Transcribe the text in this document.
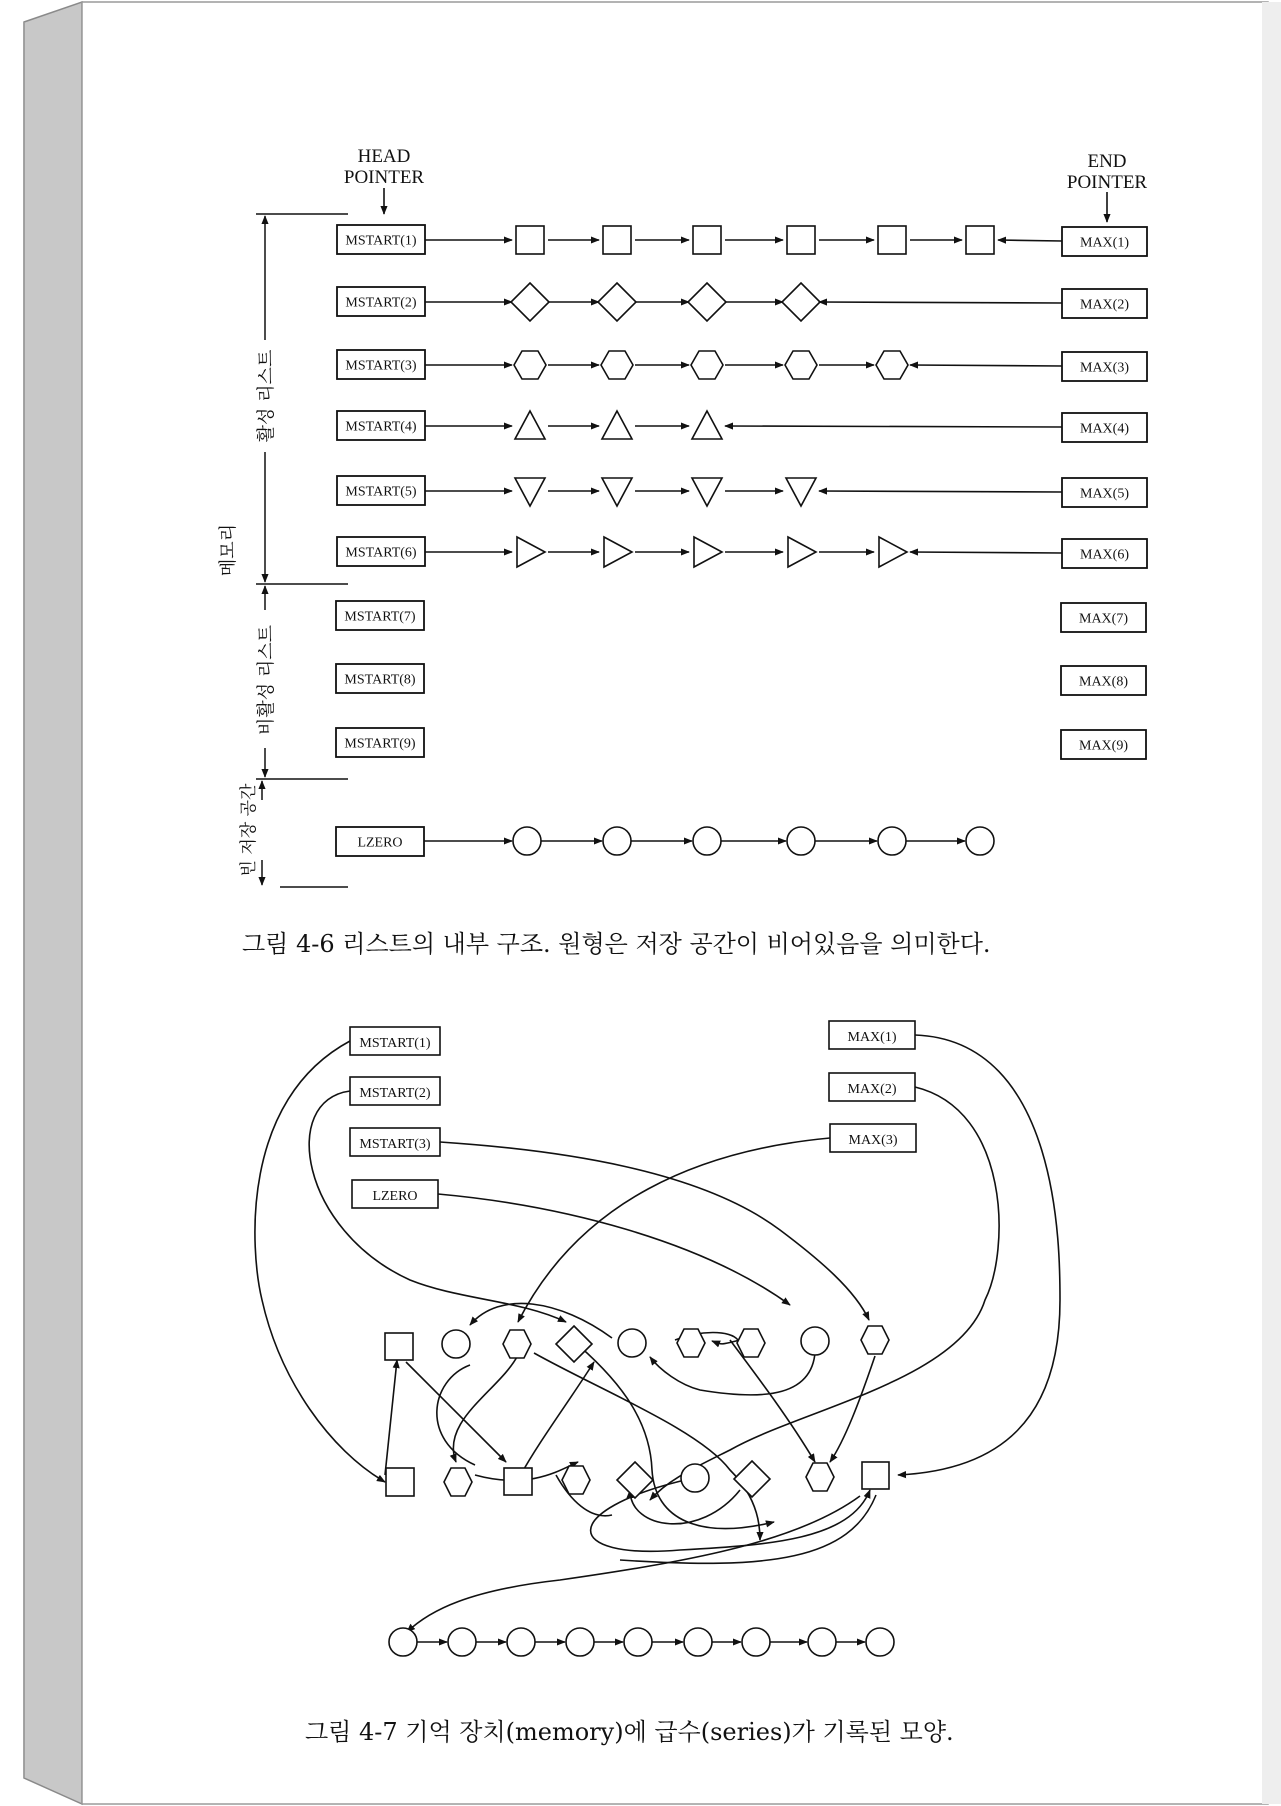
HEAD
POINTER
END
POINTER
활성 리스트
비활성 리스트
메모리
빈 저장 공간
MSTART(1)	MAX(1)
MSTART(2)	MAX(2)
MSTART(3)	MAX(3)
MSTART(4)	MAX(4)
MSTART(5)	MAX(5)
MSTART(6)	MAX(6)
MSTART(7)	MAX(7)
MSTART(8)	MAX(8)
MSTART(9)	MAX(9)
LZERO
그림 4-6 리스트의 내부 구조. 원형은 저장 공간이 비어있음을 의미한다.
MSTART(1)
MSTART(2)
MSTART(3)
LZERO
MAX(1)
MAX(2)
MAX(3)
그림 4-7 기억 장치(memory)에 급수(series)가 기록된 모양.
